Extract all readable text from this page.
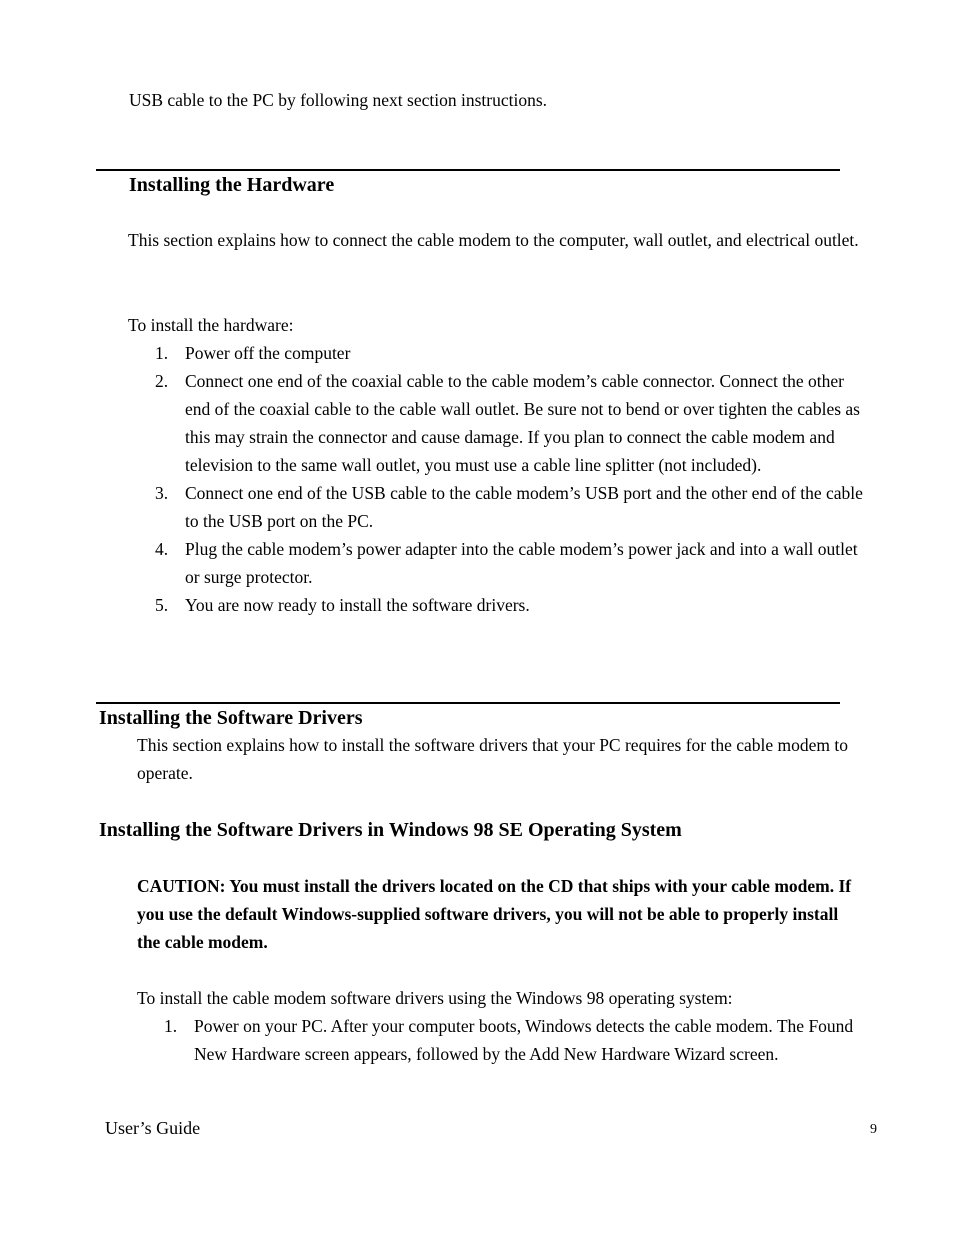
USB cable to the PC by following next section instructions.

Installing the Hardware

This section explains how to connect the cable modem to the computer, wall outlet, and electrical outlet.

To install the hardware:

1. Power off the computer
2. Connect one end of the coaxial cable to the cable modem’s cable connector. Connect the other end of the coaxial cable to the cable wall outlet. Be sure not to bend or over tighten the cables as this may strain the connector and cause damage. If you plan to connect the cable modem and television to the same wall outlet, you must use a cable line splitter (not included).
3. Connect one end of the USB cable to the cable modem’s USB port and the other end of the cable to the USB port on the PC.
4. Plug the cable modem’s power adapter into the cable modem’s power jack and into a wall outlet or surge protector.
5. You are now ready to install the software drivers.
Installing the Software Drivers

This section explains how to install the software drivers that your PC requires for the cable modem to operate.

Installing the Software Drivers in Windows 98 SE Operating System

CAUTION: You must install the drivers located on the CD that ships with your cable modem. If you use the default Windows-supplied software drivers, you will not be able to properly install the cable modem.

To install the cable modem software drivers using the Windows 98 operating system:

1. Power on your PC. After your computer boots, Windows detects the cable modem. The Found New Hardware screen appears, followed by the Add New Hardware Wizard screen.
User’s Guide	9
